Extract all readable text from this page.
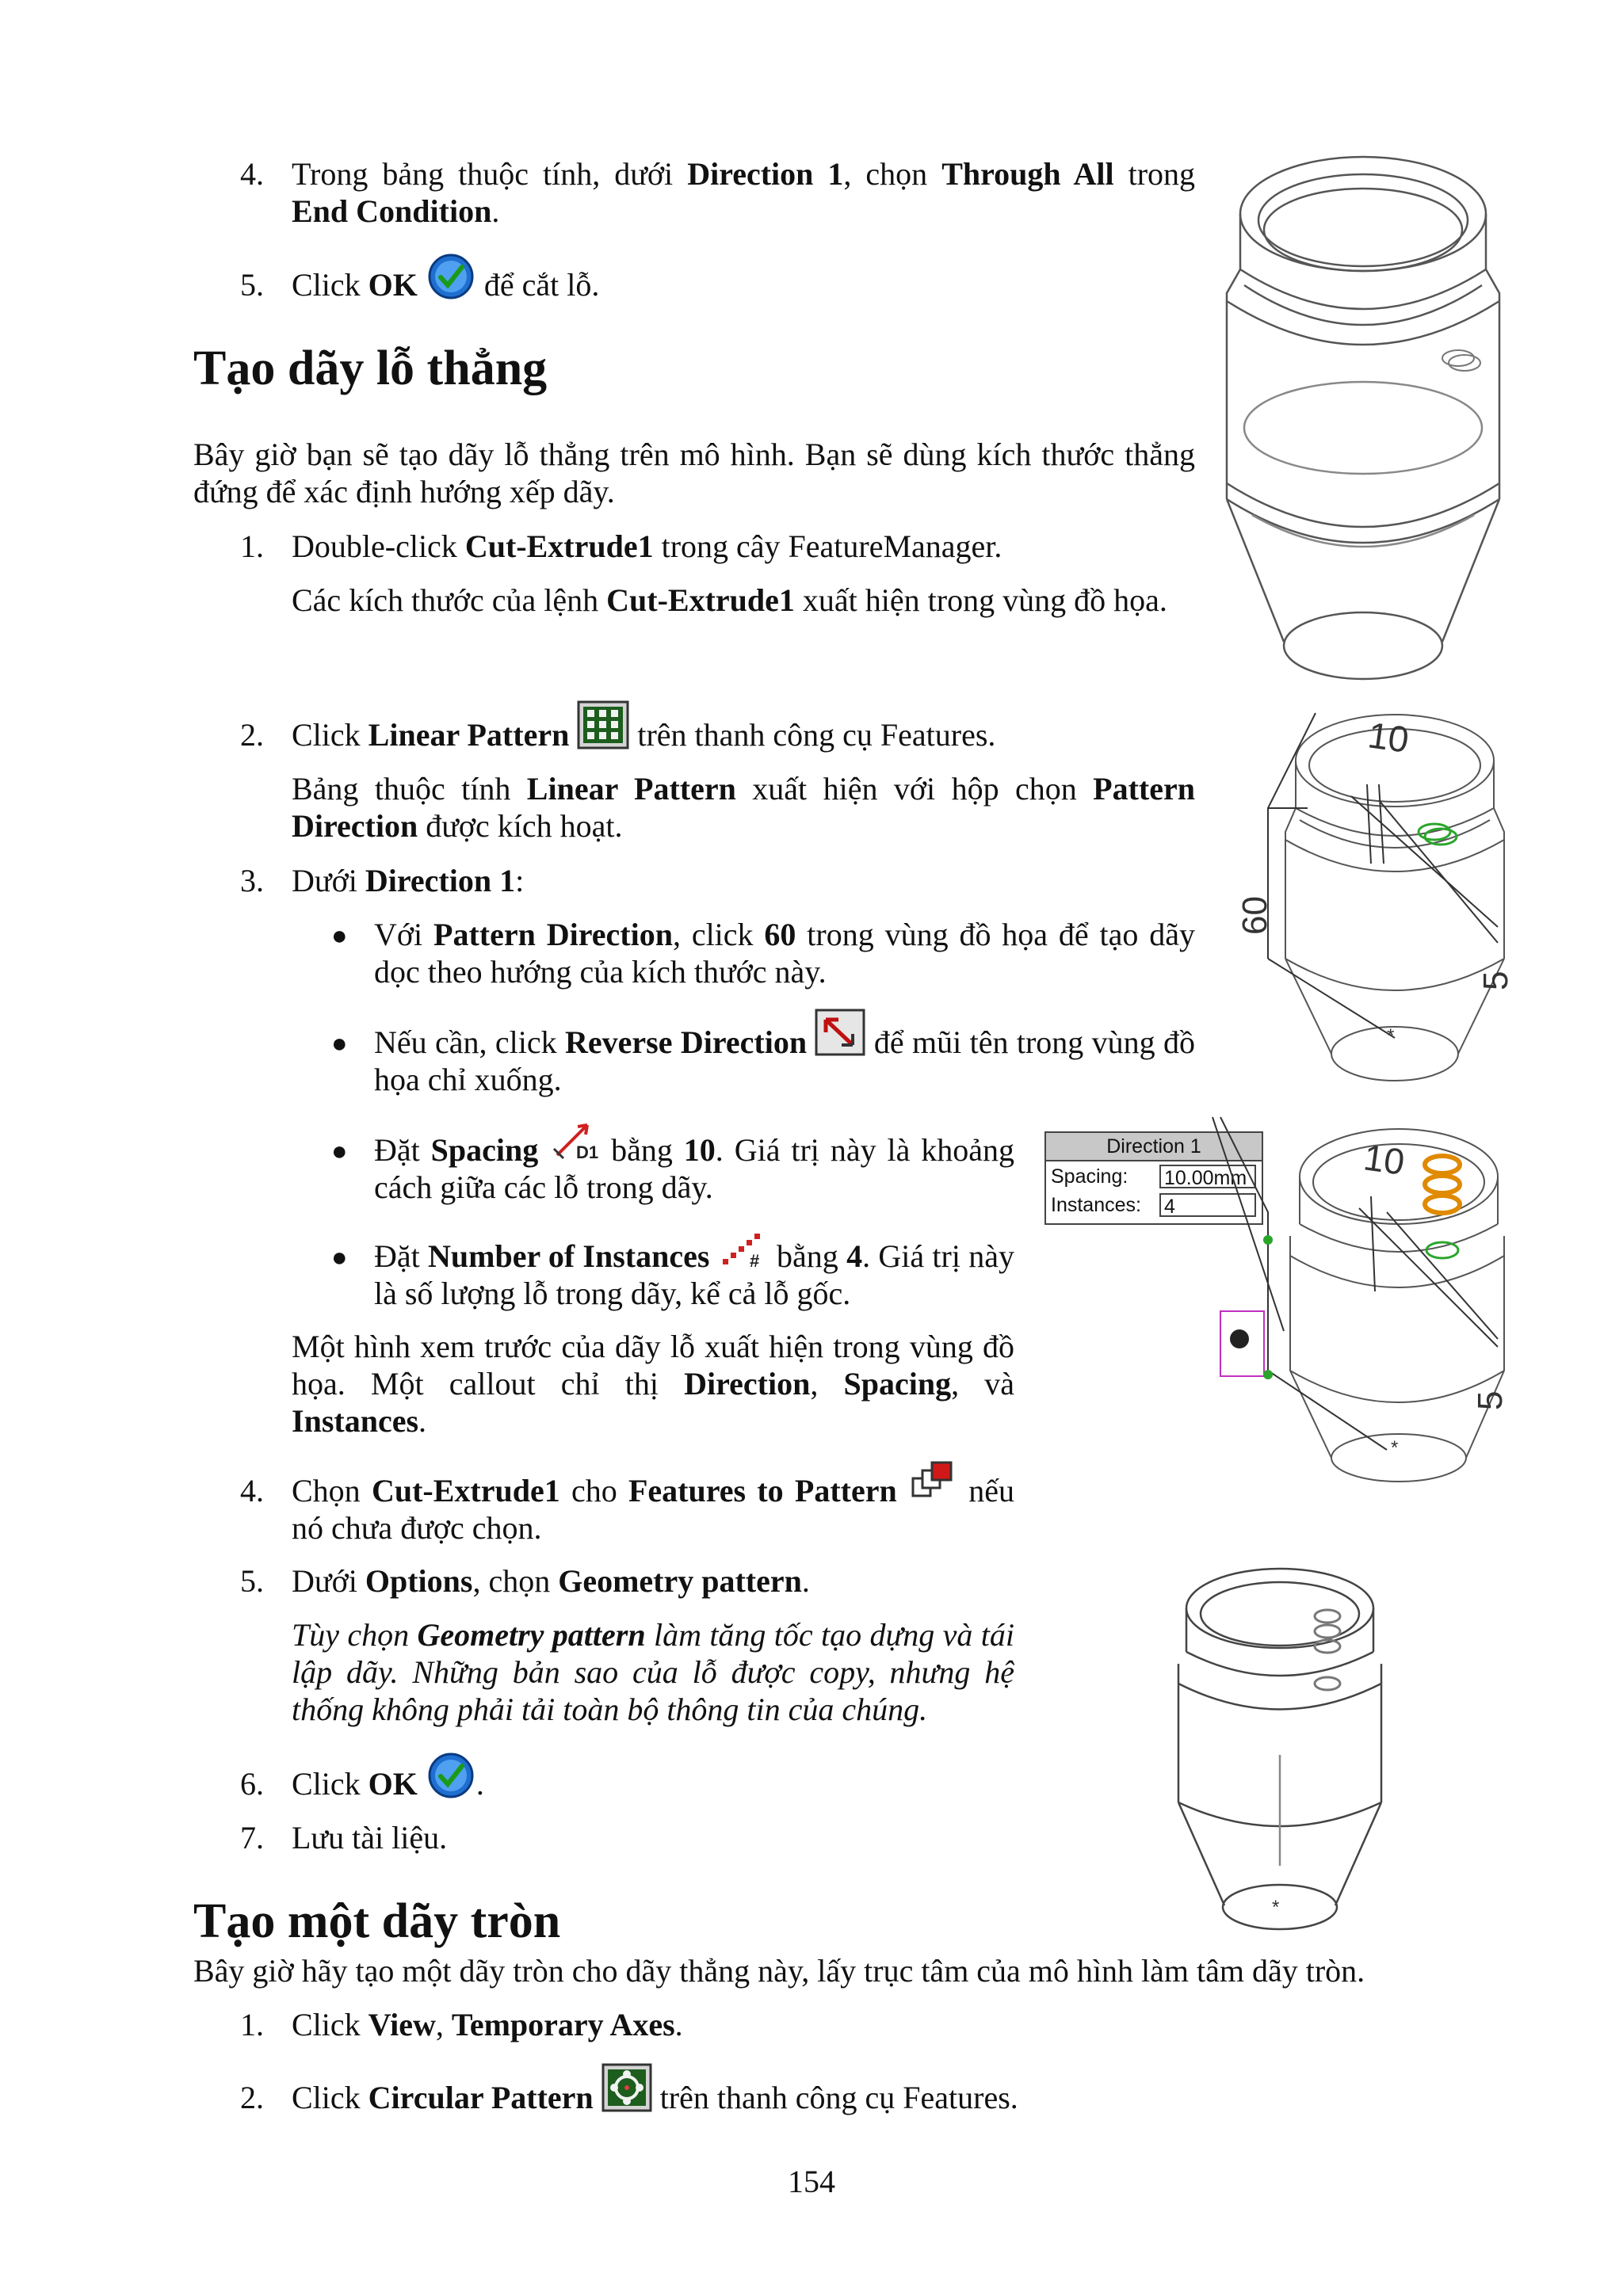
4. Trong bảng thuộc tính, dưới Direction 1, chọn Through All trong End Condition.
5. Click OK  để cắt lỗ.
Tạo dãy lỗ thẳng
Bây giờ bạn sẽ tạo dãy lỗ thẳng trên mô hình. Bạn sẽ dùng kích thước thẳng đứng để xác định hướng xếp dãy.
1. Double-click Cut-Extrude1 trong cây FeatureManager.
Các kích thước của lệnh Cut-Extrude1 xuất hiện trong vùng đồ họa.
2. Click Linear Pattern  trên thanh công cụ Features.
Bảng thuộc tính Linear Pattern xuất hiện với hộp chọn Pattern Direction được kích hoạt.
3. Dưới Direction 1:
● Với Pattern Direction, click 60 trong vùng đồ họa để tạo dãy dọc theo hướng của kích thước này.
● Nếu cần, click Reverse Direction  để mũi tên trong vùng đồ họa chỉ xuống.
● Đặt Spacing D1 bằng 10. Giá trị này là khoảng cách giữa các lỗ trong dãy.
● Đặt Number of Instances # bằng 4. Giá trị này là số lượng lỗ trong dãy, kể cả lỗ gốc.
Một hình xem trước của dãy lỗ xuất hiện trong vùng đồ họa. Một callout chỉ thị Direction, Spacing, và Instances.
4. Chọn Cut-Extrude1 cho Features to Pattern  nếu nó chưa được chọn.
5. Dưới Options, chọn Geometry pattern.
Tùy chọn Geometry pattern làm tăng tốc tạo dựng và tái lập dãy. Những bản sao của lỗ được copy, nhưng hệ thống không phải tải toàn bộ thông tin của chúng.
6. Click OK .
7. Lưu tài liệu.
Tạo một dãy tròn
Bây giờ hãy tạo một dãy tròn cho dãy thẳng này, lấy trục tâm của mô hình làm tâm dãy tròn.
1. Click View, Temporary Axes.
2. Click Circular Pattern  trên thanh công cụ Features.
154
10
60
5
*
Direction 1
Spacing: 10.00mm
Instances: 4
10
5
*
*
